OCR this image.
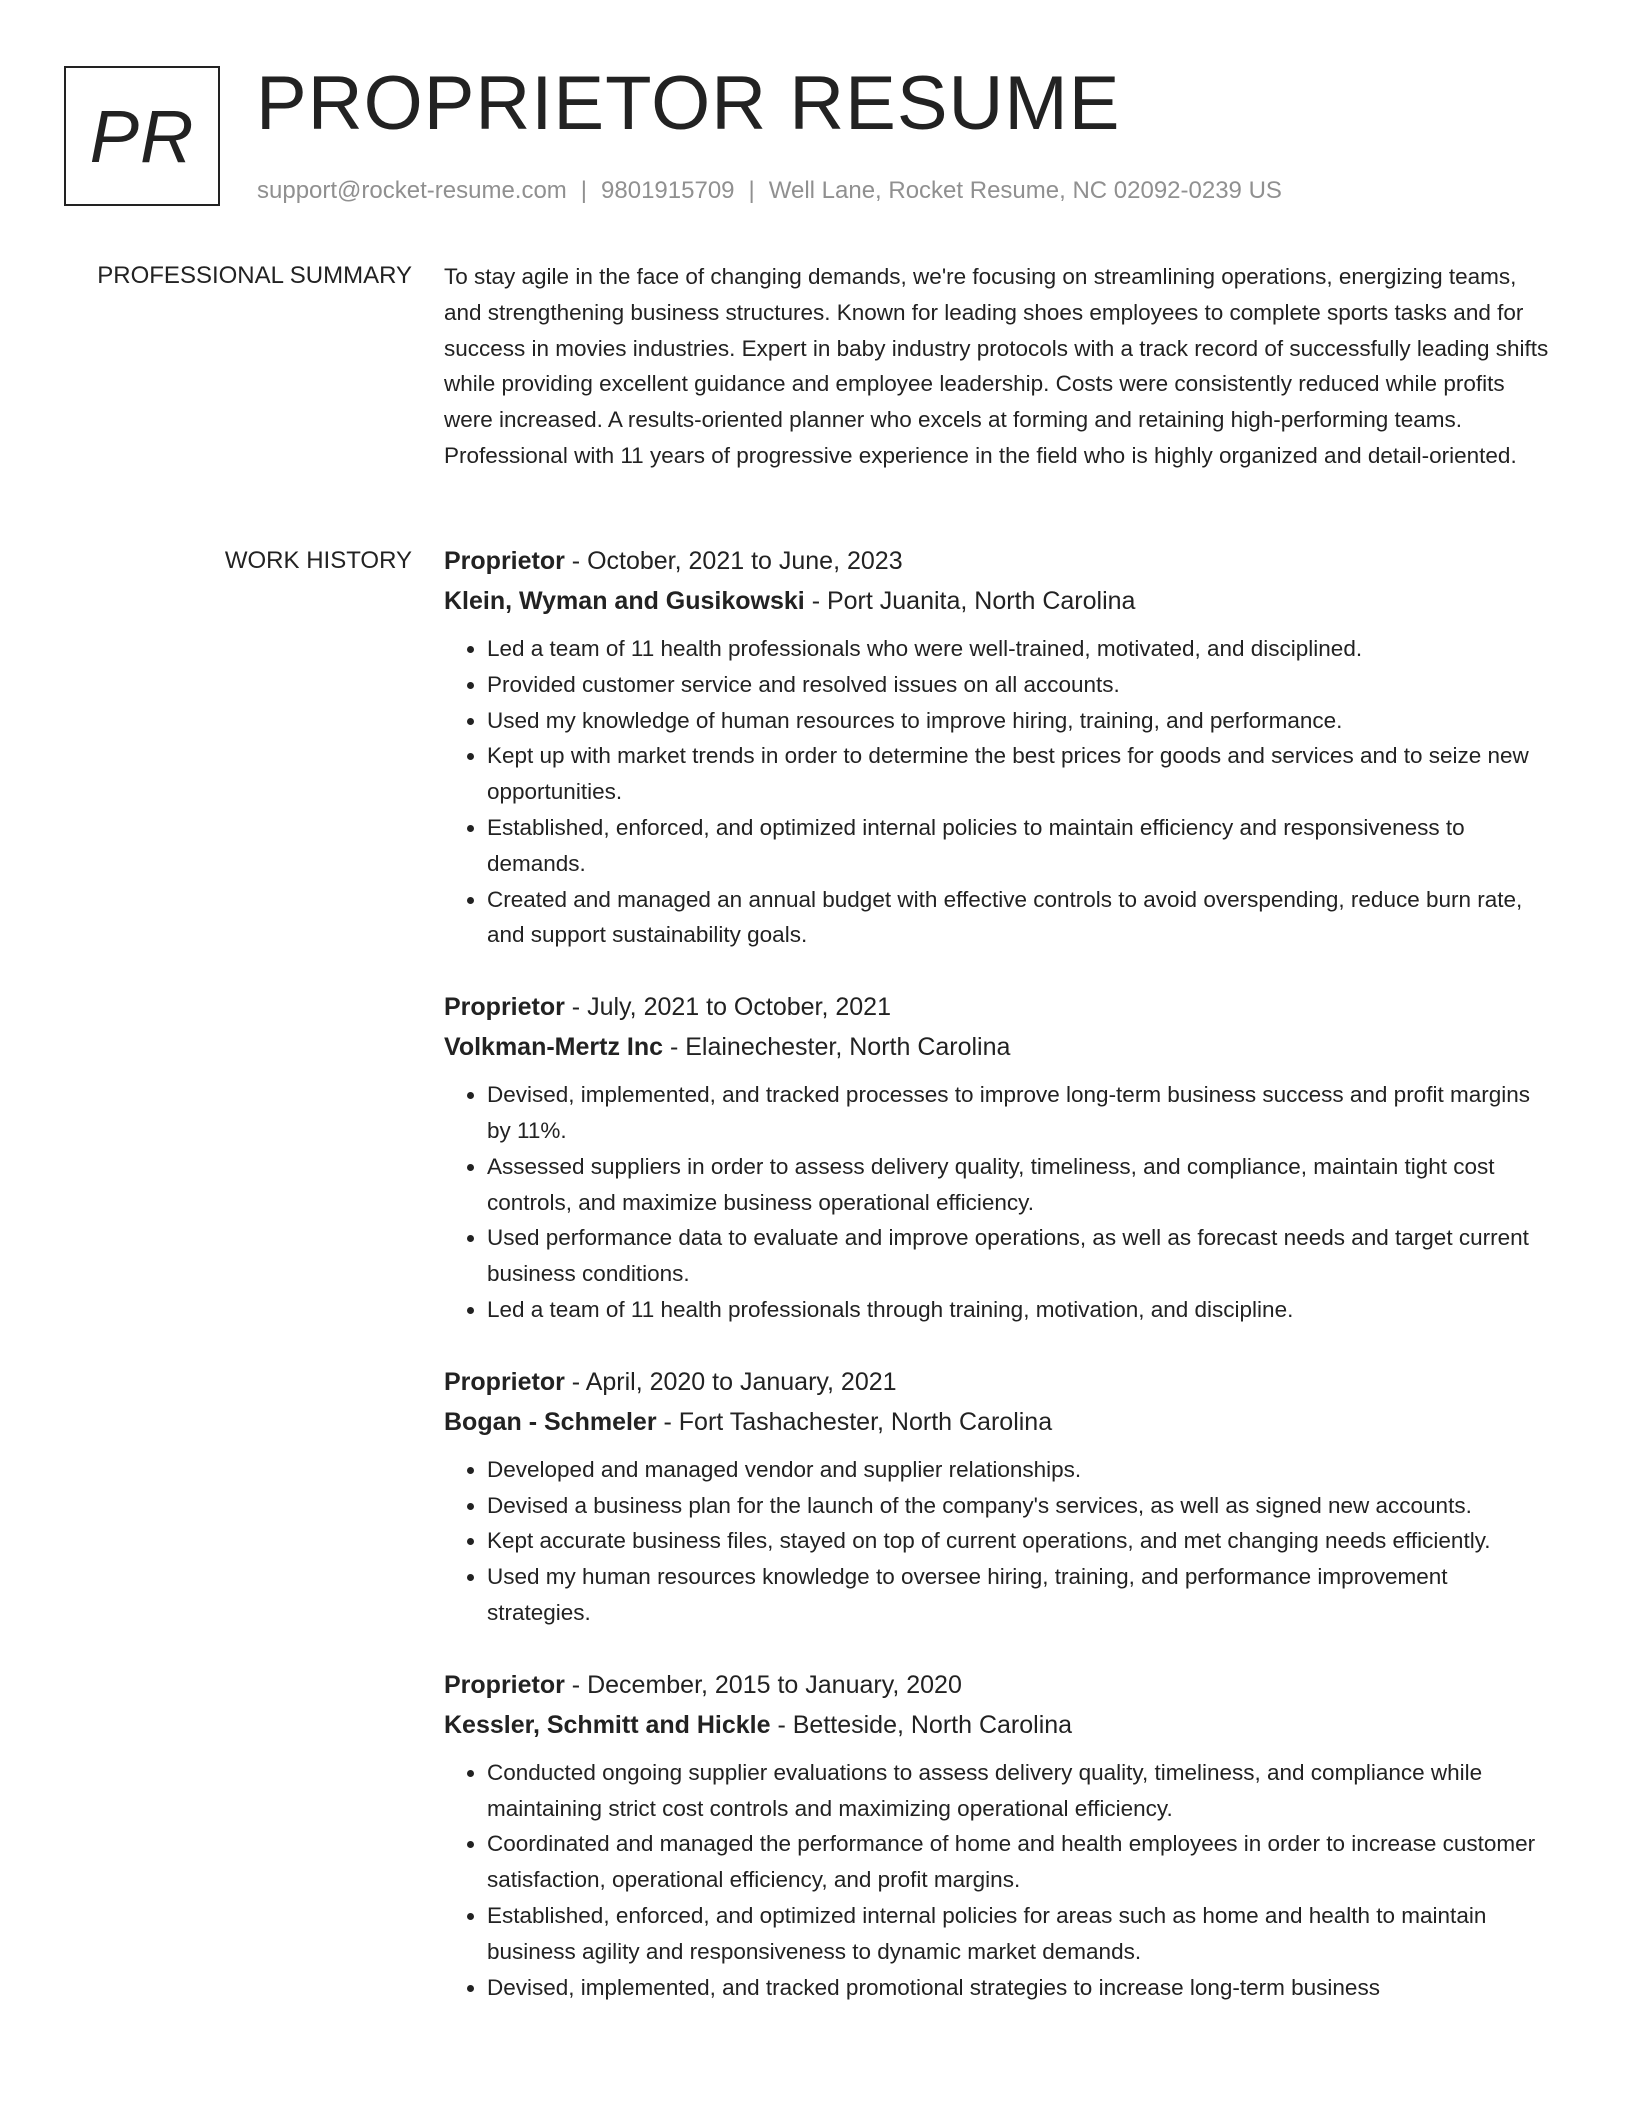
PR PROPRIETOR RESUME
support@rocket-resume.com | 9801915709 | Well Lane, Rocket Resume, NC 02092-0239 US
PROFESSIONAL SUMMARY To stay agile in the face of changing demands, we're focusing on streamlining operations, energizing teams, and strengthening business structures. Known for leading shoes employees to complete sports tasks and for success in movies industries. Expert in baby industry protocols with a track record of successfully leading shifts while providing excellent guidance and employee leadership. Costs were consistently reduced while profits were increased. A results-oriented planner who excels at forming and retaining high-performing teams. Professional with 11 years of progressive experience in the field who is highly organized and detail-oriented.

WORK HISTORY Proprietor - October, 2021 to June, 2023
Klein, Wyman and Gusikowski - Port Juanita, North Carolina
• Led a team of 11 health professionals who were well-trained, motivated, and disciplined.
• Provided customer service and resolved issues on all accounts.
• Used my knowledge of human resources to improve hiring, training, and performance.
• Kept up with market trends in order to determine the best prices for goods and services and to seize new opportunities.
• Established, enforced, and optimized internal policies to maintain efficiency and responsiveness to demands.
• Created and managed an annual budget with effective controls to avoid overspending, reduce burn rate, and support sustainability goals.
Proprietor - July, 2021 to October, 2021
Volkman-Mertz Inc - Elainechester, North Carolina
• Devised, implemented, and tracked processes to improve long-term business success and profit margins by 11%.
• Assessed suppliers in order to assess delivery quality, timeliness, and compliance, maintain tight cost controls, and maximize business operational efficiency.
• Used performance data to evaluate and improve operations, as well as forecast needs and target current business conditions.
• Led a team of 11 health professionals through training, motivation, and discipline.
Proprietor - April, 2020 to January, 2021
Bogan - Schmeler - Fort Tashachester, North Carolina
• Developed and managed vendor and supplier relationships.
• Devised a business plan for the launch of the company's services, as well as signed new accounts.
• Kept accurate business files, stayed on top of current operations, and met changing needs efficiently.
• Used my human resources knowledge to oversee hiring, training, and performance improvement strategies.
Proprietor - December, 2015 to January, 2020
Kessler, Schmitt and Hickle - Betteside, North Carolina
• Conducted ongoing supplier evaluations to assess delivery quality, timeliness, and compliance while maintaining strict cost controls and maximizing operational efficiency.
• Coordinated and managed the performance of home and health employees in order to increase customer satisfaction, operational efficiency, and profit margins.
• Established, enforced, and optimized internal policies for areas such as home and health to maintain business agility and responsiveness to dynamic market demands.
• Devised, implemented, and tracked promotional strategies to increase long-term business
